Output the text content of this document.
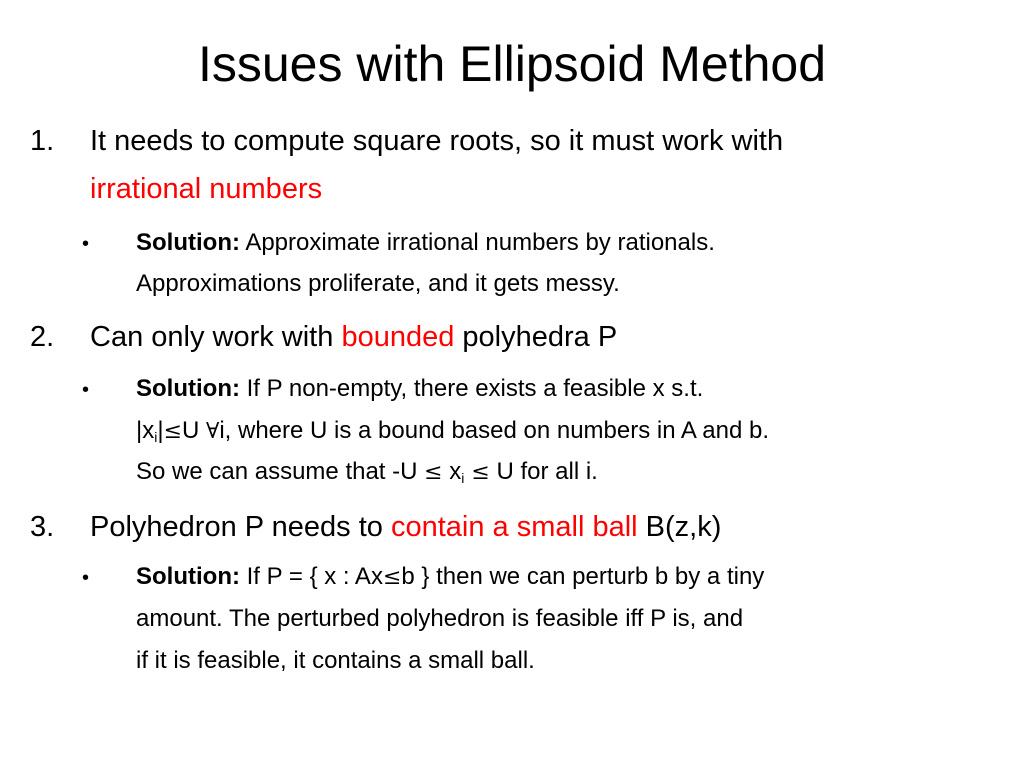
Issues with Ellipsoid Method
1. It needs to compute square roots, so it must work with
irrational numbers
• Solution: Approximate irrational numbers by rationals.
Approximations proliferate, and it gets messy.
2. Can only work with bounded polyhedra P
• Solution: If P non-empty, there exists a feasible x s.t.
$|x_i|\le U$ ∀i, where U is a bound based on numbers in A and b.
So we can assume that $-U \le x_i \le U$ for all i.
3. Polyhedron P needs to contain a small ball B(z,k)
• Solution: If P = { x : Ax≤b } then we can perturb b by a tiny
amount. The perturbed polyhedron is feasible iff P is, and
if it is feasible, it contains a small ball.
